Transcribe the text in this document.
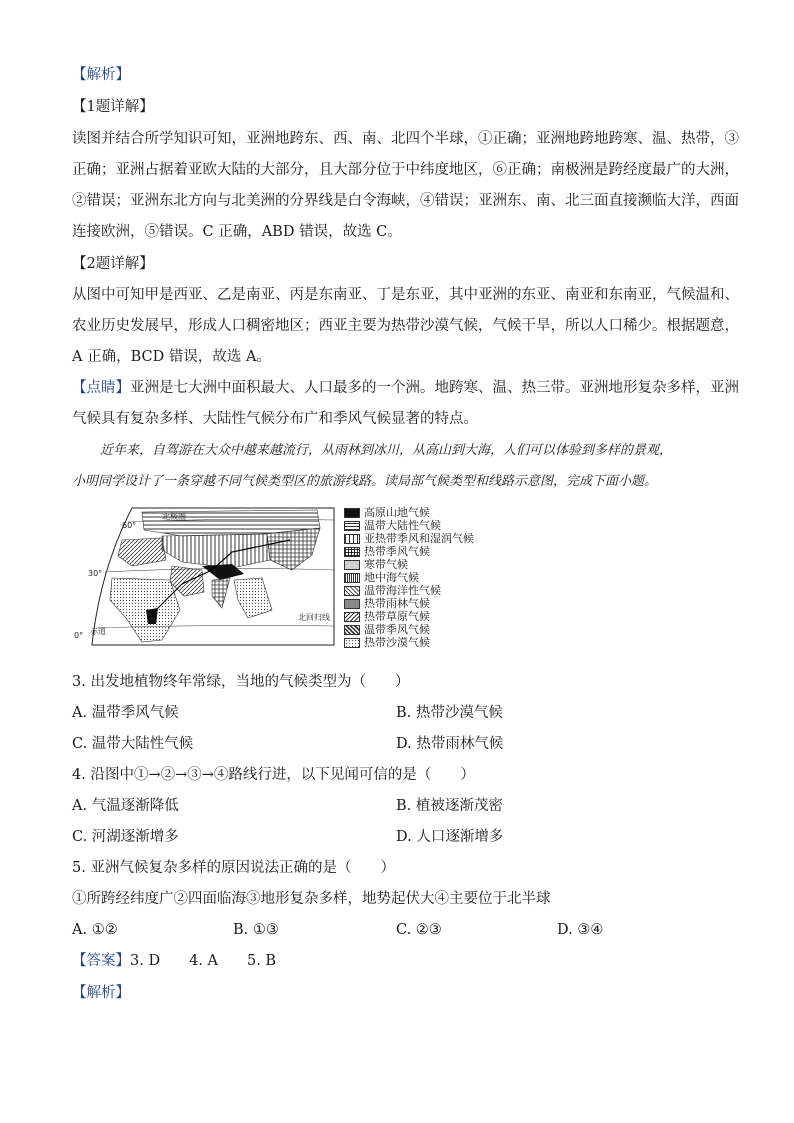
【解析】
【1题详解】
读图并结合所学知识可知，亚洲地跨东、西、南、北四个半球，①正确；亚洲地跨地跨寒、温、热带，③
正确；亚洲占据着亚欧大陆的大部分，且大部分位于中纬度地区，⑥正确；南极洲是跨经度最广的大洲，
②错误；亚洲东北方向与北美洲的分界线是白令海峡，④错误；亚洲东、南、北三面直接濒临大洋，西面
连接欧洲，⑤错误。C 正确，ABD 错误，故选 C。
【2题详解】
从图中可知甲是西亚、乙是南亚、丙是东南亚、丁是东亚，其中亚洲的东亚、南亚和东南亚，气候温和、
农业历史发展早，形成人口稠密地区；西亚主要为热带沙漠气候，气候干旱，所以人口稀少。根据题意，
A 正确，BCD 错误，故选 A。
【点睛】亚洲是七大洲中面积最大、人口最多的一个洲。地跨寒、温、热三带。亚洲地形复杂多样，亚洲
气候具有复杂多样、大陆性气候分布广和季风气候显著的特点。
近年来，自驾游在大众中越来越流行，从雨林到冰川，从高山到大海，人们可以体验到多样的景观，
小明同学设计了一条穿越不同气候类型区的旅游线路。读局部气候类型和线路示意图，完成下面小题。
北极圈
60°
30°
0° 赤道
北回归线
高原山地气候
温带大陆性气候
亚热带季风和湿润气候
热带季风气候
寒带气候
地中海气候
温带海洋性气候
热带雨林气候
热带草原气候
温带季风气候
热带沙漠气候
3. 出发地植物终年常绿，当地的气候类型为（　　）
A. 温带季风气候	B. 热带沙漠气候
C. 温带大陆性气候	D. 热带雨林气候
4. 沿图中①→②→③→④路线行进，以下见闻可信的是（　　）
A. 气温逐渐降低	B. 植被逐渐茂密
C. 河湖逐渐增多	D. 人口逐渐增多
5. 亚洲气候复杂多样的原因说法正确的是（　　）
①所跨经纬度广②四面临海③地形复杂多样，地势起伏大④主要位于北半球
A. ①②	B. ①③	C. ②③	D. ③④
【答案】3. D　　4. A　　5. B
【解析】
